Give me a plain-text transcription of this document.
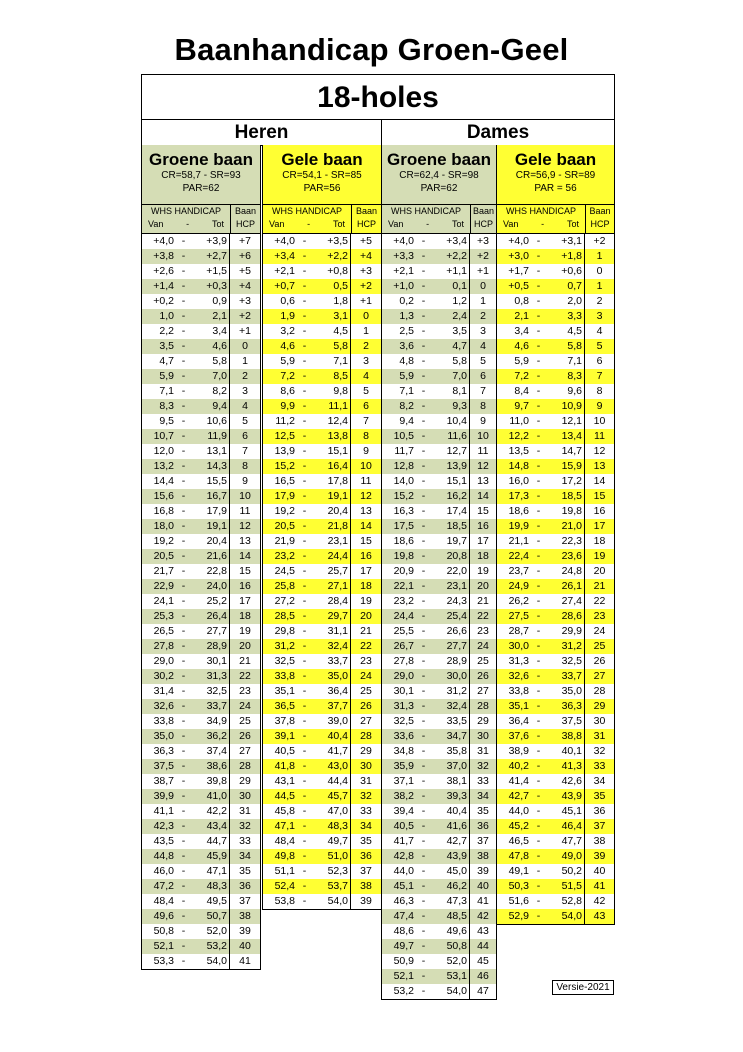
Baanhandicap Groen-Geel
18-holes
Heren	Dames
Groene baan
CR=58,7 - SR=93
PAR=62
WHS HANDICAP
Van	-	Tot
Baan
HCP
+4,0 -	+3,9	+7
+3,8 -	+2,7	+6
+2,6 -	+1,5	+5
+1,4 -	+0,3	+4
+0,2 -	0,9	+3
1,0 -	2,1	+2
2,2 -	3,4	+1
3,5 -	4,6	0
4,7 -	5,8	1
5,9 -	7,0	2
7,1 -	8,2	3
8,3 -	9,4	4
9,5 -	10,6	5
10,7 -	11,9	6
12,0 -	13,1	7
13,2 -	14,3	8
14,4 -	15,5	9
15,6 -	16,7	10
16,8 -	17,9	11
18,0 -	19,1	12
19,2 -	20,4	13
20,5 -	21,6	14
21,7 -	22,8	15
22,9 -	24,0	16
24,1 -	25,2	17
25,3 -	26,4	18
26,5 -	27,7	19
27,8 -	28,9	20
29,0 -	30,1	21
30,2 -	31,3	22
31,4 -	32,5	23
32,6 -	33,7	24
33,8 -	34,9	25
35,0 -	36,2	26
36,3 -	37,4	27
37,5 -	38,6	28
38,7 -	39,8	29
39,9 -	41,0	30
41,1 -	42,2	31
42,3 -	43,4	32
43,5 -	44,7	33
44,8 -	45,9	34
46,0 -	47,1	35
47,2 -	48,3	36
48,4 -	49,5	37
49,6 -	50,7	38
50,8 -	52,0	39
52,1 -	53,2	40
53,3 -	54,0	41
Gele baan
CR=54,1 - SR=85
PAR=56
WHS HANDICAP
Van	-	Tot
Baan
HCP
+4,0 -	+3,5	+5
+3,4 -	+2,2	+4
+2,1 -	+0,8	+3
+0,7 -	0,5	+2
0,6 -	1,8	+1
1,9 -	3,1	0
3,2 -	4,5	1
4,6 -	5,8	2
5,9 -	7,1	3
7,2 -	8,5	4
8,6 -	9,8	5
9,9 -	11,1	6
11,2 -	12,4	7
12,5 -	13,8	8
13,9 -	15,1	9
15,2 -	16,4	10
16,5 -	17,8	11
17,9 -	19,1	12
19,2 -	20,4	13
20,5 -	21,8	14
21,9 -	23,1	15
23,2 -	24,4	16
24,5 -	25,7	17
25,8 -	27,1	18
27,2 -	28,4	19
28,5 -	29,7	20
29,8 -	31,1	21
31,2 -	32,4	22
32,5 -	33,7	23
33,8 -	35,0	24
35,1 -	36,4	25
36,5 -	37,7	26
37,8 -	39,0	27
39,1 -	40,4	28
40,5 -	41,7	29
41,8 -	43,0	30
43,1 -	44,4	31
44,5 -	45,7	32
45,8 -	47,0	33
47,1 -	48,3	34
48,4 -	49,7	35
49,8 -	51,0	36
51,1 -	52,3	37
52,4 -	53,7	38
53,8 -	54,0	39
Groene baan
CR=62,4 - SR=98
PAR=62
WHS HANDICAP
Van	-	Tot
Baan
HCP
+4,0 -	+3,4 +3
+3,3 -	+2,2 +2
+2,1 -	+1,1 +1
+1,0 -	0,1	0
0,2 -	1,2	1
1,3 -	2,4	2
2,5 -	3,5	3
3,6 -	4,7	4
4,8 -	5,8	5
5,9 -	7,0	6
7,1 -	8,1	7
8,2 -	9,3	8
9,4 -	10,4	9
10,5 -	11,6 10
11,7 -	12,7	11
12,8 -	13,9 12
14,0 -	15,1 13
15,2 -	16,2 14
16,3 -	17,4 15
17,5 -	18,5 16
18,6 -	19,7 17
19,8 -	20,8 18
20,9 -	22,0 19
22,1 -	23,1 20
23,2 -	24,3 21
24,4 -	25,4 22
25,5 -	26,6 23
26,7 -	27,7 24
27,8 -	28,9 25
29,0 -	30,0 26
30,1 -	31,2 27
31,3 -	32,4 28
32,5 -	33,5 29
33,6 -	34,7 30
34,8 -	35,8 31
35,9 -	37,0 32
37,1 -	38,1 33
38,2 -	39,3 34
39,4 -	40,4 35
40,5 -	41,6 36
41,7 -	42,7 37
42,8 -	43,9 38
44,0 -	45,0 39
45,1 -	46,2 40
46,3 -	47,3 41
47,4 -	48,5 42
48,6 -	49,6 43
49,7 -	50,8 44
50,9 -	52,0 45
52,1 -	53,1 46
53,2 -	54,0 47
Gele baan
CR=56,9 - SR=89
PAR = 56
WHS HANDICAP
Van	-	Tot
Baan
HCP
+4,0 -	+3,1	+2
+3,0 -	+1,8	1
+1,7 -	+0,6	0
+0,5 -	0,7	1
0,8 -	2,0	2
2,1 -	3,3	3
3,4 -	4,5	4
4,6 -	5,8	5
5,9 -	7,1	6
7,2 -	8,3	7
8,4 -	9,6	8
9,7 -	10,9	9
11,0 -	12,1	10
12,2 -	13,4	11
13,5 -	14,7	12
14,8 -	15,9	13
16,0 -	17,2	14
17,3 -	18,5	15
18,6 -	19,8	16
19,9 -	21,0	17
21,1 -	22,3	18
22,4 -	23,6	19
23,7 -	24,8	20
24,9 -	26,1	21
26,2 -	27,4	22
27,5 -	28,6	23
28,7 -	29,9	24
30,0 -	31,2	25
31,3 -	32,5	26
32,6 -	33,7	27
33,8 -	35,0	28
35,1 -	36,3	29
36,4 -	37,5	30
37,6 -	38,8	31
38,9 -	40,1	32
40,2 -	41,3	33
41,4 -	42,6	34
42,7 -	43,9	35
44,0 -	45,1	36
45,2 -	46,4	37
46,5 -	47,7	38
47,8 -	49,0	39
49,1 -	50,2	40
50,3 -	51,5	41
51,6 -	52,8	42
52,9 -	54,0	43
Versie-2021
